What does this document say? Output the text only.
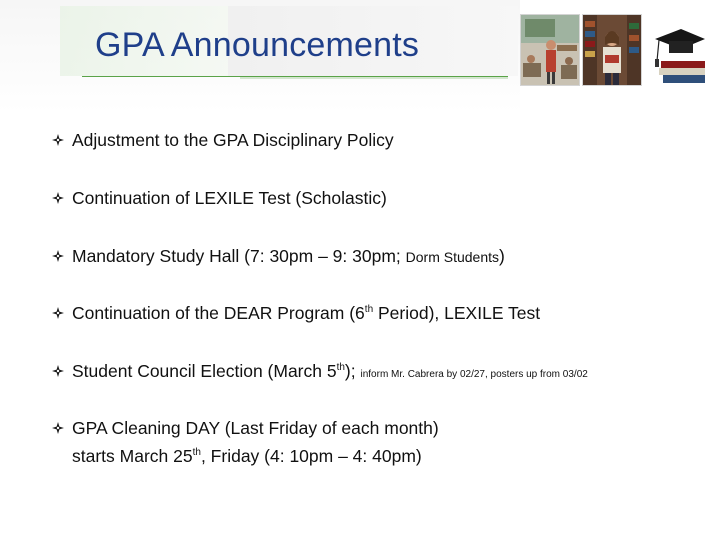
GPA Announcements
Adjustment to the GPA Disciplinary Policy
Continuation of LEXILE Test (Scholastic)
Mandatory Study Hall (7: 30pm – 9: 30pm; Dorm Students)
Continuation of the DEAR Program (6th Period), LEXILE Test
Student Council Election (March 5th); inform Mr. Cabrera by 02/27, posters up from 03/02
GPA Cleaning DAY (Last Friday of each month)
starts March 25th, Friday (4: 10pm – 4: 40pm)
